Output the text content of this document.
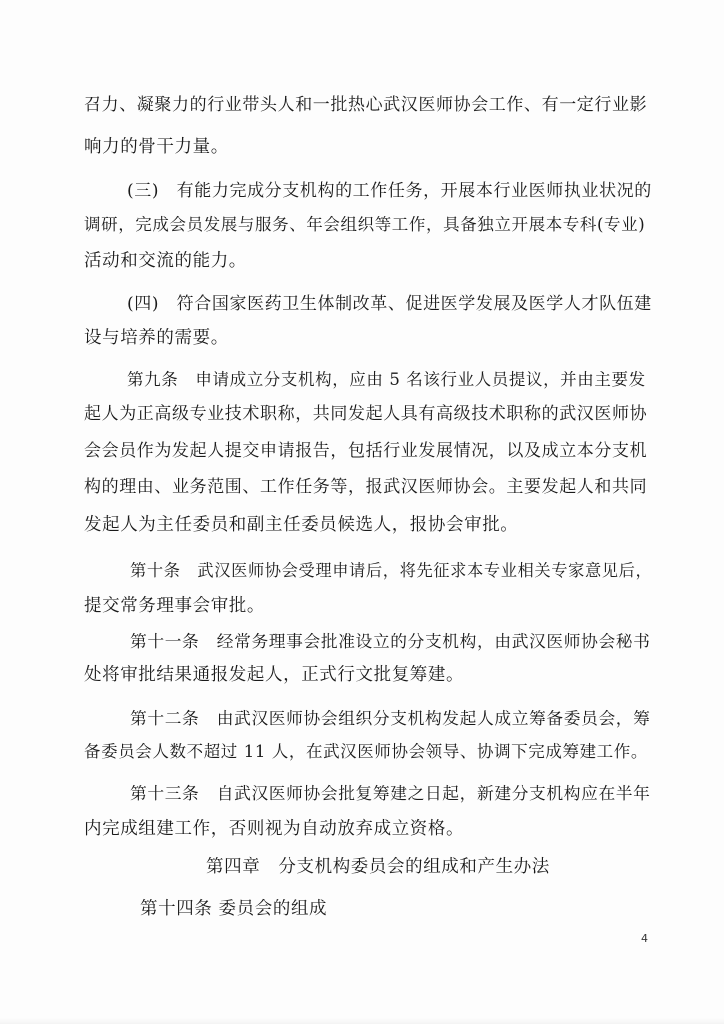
召力、凝聚力的行业带头人和一批热心武汉医师协会工作、有一定行业影
响力的骨干力量。
(三)　有能力完成分支机构的工作任务，开展本行业医师执业状况的
调研，完成会员发展与服务、年会组织等工作，具备独立开展本专科(专业)
活动和交流的能力。
(四)　符合国家医药卫生体制改革、促进医学发展及医学人才队伍建
设与培养的需要。
第九条　申请成立分支机构，应由 5 名该行业人员提议，并由主要发
起人为正高级专业技术职称，共同发起人具有高级技术职称的武汉医师协
会会员作为发起人提交申请报告，包括行业发展情况，以及成立本分支机
构的理由、业务范围、工作任务等，报武汉医师协会。主要发起人和共同
发起人为主任委员和副主任委员候选人，报协会审批。
第十条　武汉医师协会受理申请后，将先征求本专业相关专家意见后，
提交常务理事会审批。
第十一条　经常务理事会批准设立的分支机构，由武汉医师协会秘书
处将审批结果通报发起人，正式行文批复筹建。
第十二条　由武汉医师协会组织分支机构发起人成立筹备委员会，筹
备委员会人数不超过 11 人，在武汉医师协会领导、协调下完成筹建工作。
第十三条　自武汉医师协会批复筹建之日起，新建分支机构应在半年
内完成组建工作，否则视为自动放弃成立资格。
第四章　分支机构委员会的组成和产生办法
第十四条 委员会的组成
4
